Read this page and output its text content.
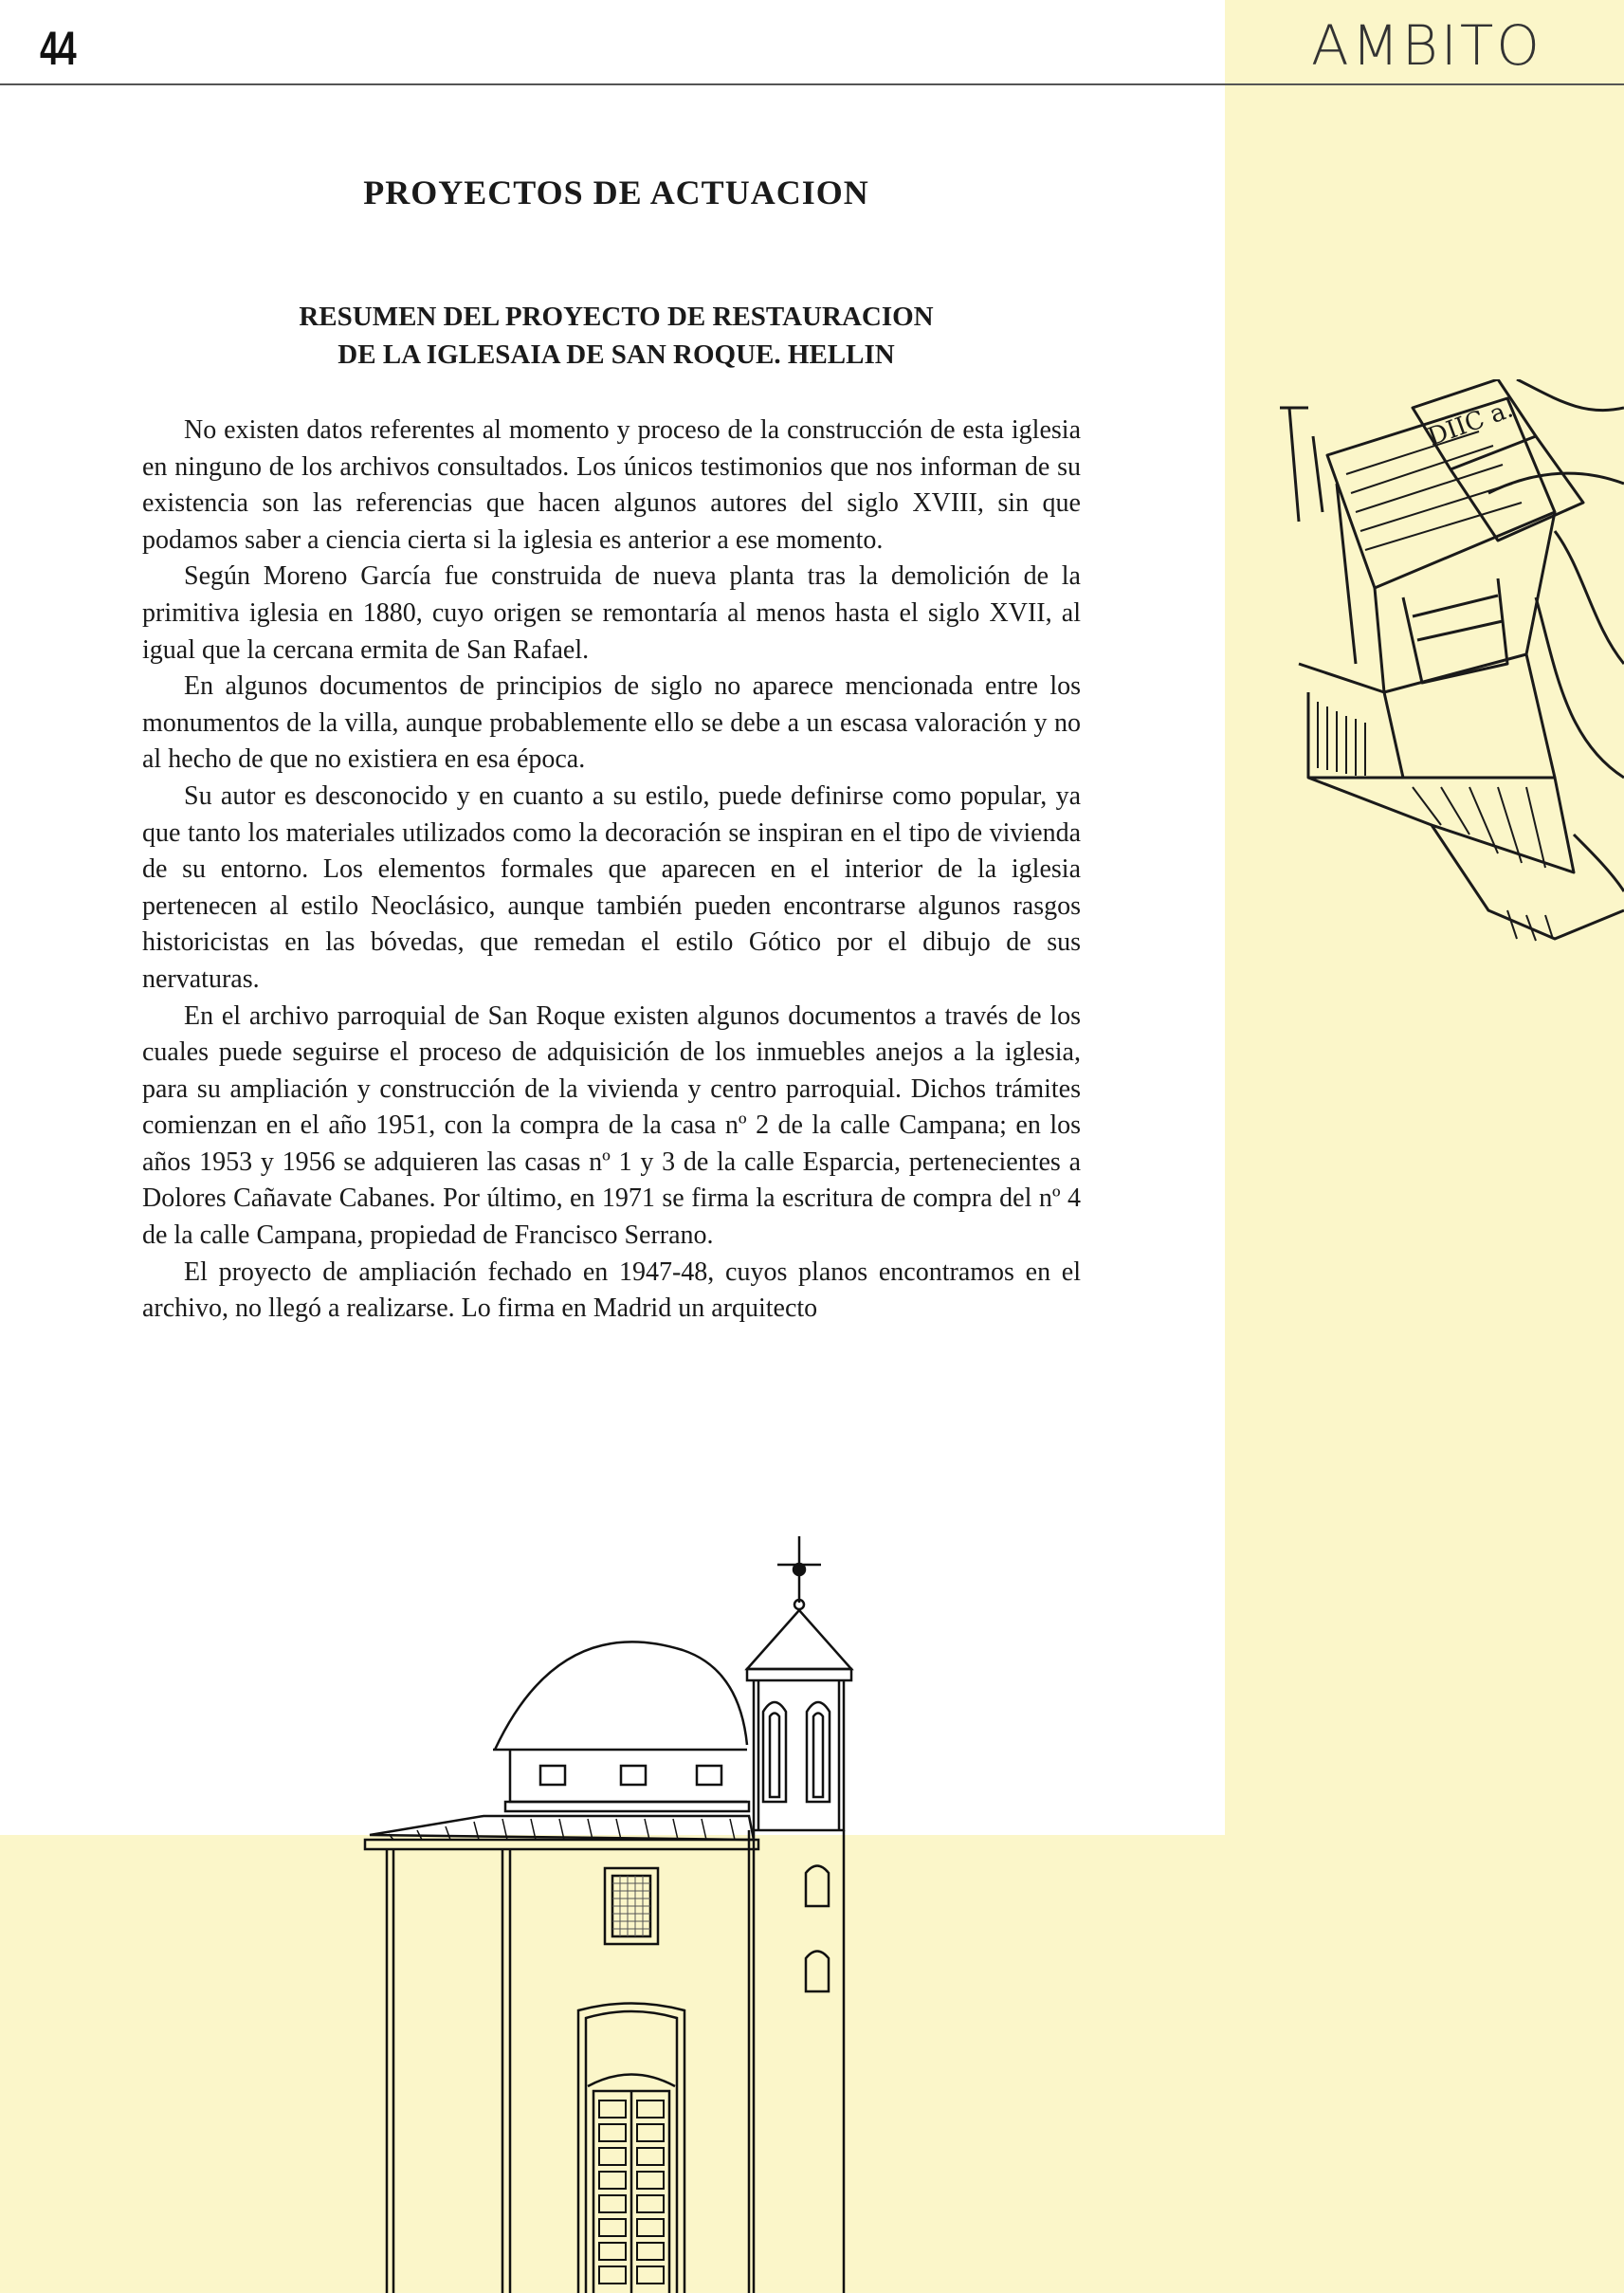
44	AMBITO
PROYECTOS DE ACTUACION
RESUMEN DEL PROYECTO DE RESTAURACION
DE LA IGLESAIA DE SAN ROQUE. HELLIN

No existen datos referentes al momento y proceso de la construcción de esta iglesia en ninguno de los archivos consultados. Los únicos testimonios que nos informan de su existencia son las referencias que hacen algunos autores del siglo XVIII, sin que podamos saber a ciencia cierta si la iglesia es anterior a ese momento.

Según Moreno García fue construida de nueva planta tras la demolición de la primitiva iglesia en 1880, cuyo origen se remontaría al menos hasta el siglo XVII, al igual que la cercana ermita de San Rafael.

En algunos documentos de principios de siglo no aparece mencionada entre los monumentos de la villa, aunque probablemente ello se debe a un escasa valoración y no al hecho de que no existiera en esa época.

Su autor es desconocido y en cuanto a su estilo, puede definirse como popular, ya que tanto los materiales utilizados como la decoración se inspiran en el tipo de vivienda de su entorno. Los elementos formales que aparecen en el interior de la iglesia pertenecen al estilo Neoclásico, aunque también pueden encontrarse algunos rasgos historicistas en las bóvedas, que remedan el estilo Gótico por el dibujo de sus nervaturas.

En el archivo parroquial de San Roque existen algunos documentos a través de los cuales puede seguirse el proceso de adquisición de los inmuebles anejos a la iglesia, para su ampliación y construcción de la vivienda y centro parroquial. Dichos trámites comienzan en el año 1951, con la compra de la casa nº 2 de la calle Campana; en los años 1953 y 1956 se adquieren las casas nº 1 y 3 de la calle Esparcia, pertenecientes a Dolores Cañavate Cabanes. Por último, en 1971 se firma la escritura de compra del nº 4 de la calle Campana, propiedad de Francisco Serrano.

El proyecto de ampliación fechado en 1947-48, cuyos planos encontramos en el archivo, no llegó a realizarse. Lo firma en Madrid un arquitecto

DIIC a.
